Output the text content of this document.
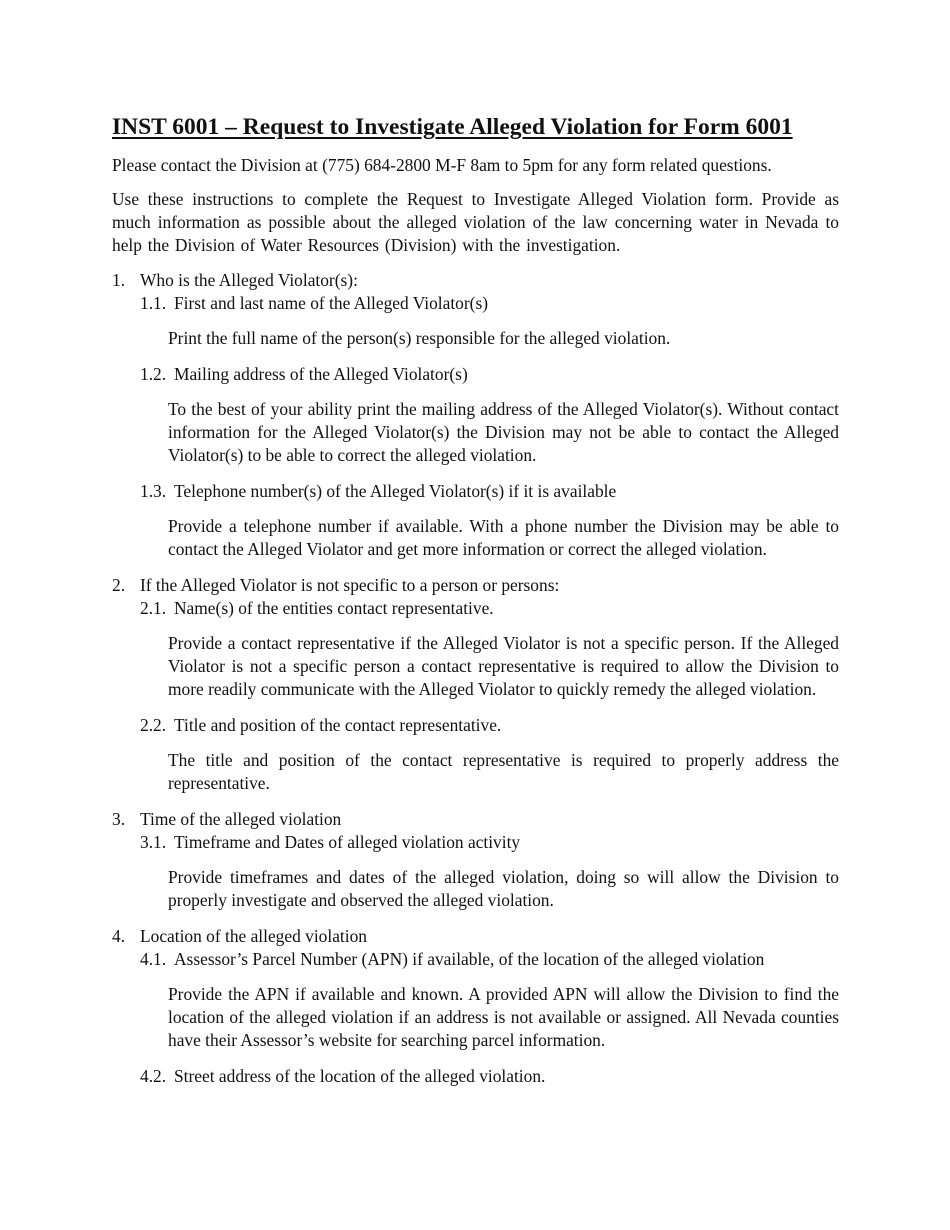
INST 6001 – Request to Investigate Alleged Violation for Form 6001
Please contact the Division at (775) 684-2800 M-F 8am to 5pm for any form related questions.
Use these instructions to complete the Request to Investigate Alleged Violation form. Provide as much information as possible about the alleged violation of the law concerning water in Nevada to help the Division of Water Resources (Division) with the investigation.
1. Who is the Alleged Violator(s):
1.1. First and last name of the Alleged Violator(s)
Print the full name of the person(s) responsible for the alleged violation.
1.2. Mailing address of the Alleged Violator(s)
To the best of your ability print the mailing address of the Alleged Violator(s). Without contact information for the Alleged Violator(s) the Division may not be able to contact the Alleged Violator(s) to be able to correct the alleged violation.
1.3. Telephone number(s) of the Alleged Violator(s) if it is available
Provide a telephone number if available. With a phone number the Division may be able to contact the Alleged Violator and get more information or correct the alleged violation.
2. If the Alleged Violator is not specific to a person or persons:
2.1. Name(s) of the entities contact representative.
Provide a contact representative if the Alleged Violator is not a specific person. If the Alleged Violator is not a specific person a contact representative is required to allow the Division to more readily communicate with the Alleged Violator to quickly remedy the alleged violation.
2.2. Title and position of the contact representative.
The title and position of the contact representative is required to properly address the representative.
3. Time of the alleged violation
3.1. Timeframe and Dates of alleged violation activity
Provide timeframes and dates of the alleged violation, doing so will allow the Division to properly investigate and observed the alleged violation.
4. Location of the alleged violation
4.1. Assessor’s Parcel Number (APN) if available, of the location of the alleged violation
Provide the APN if available and known. A provided APN will allow the Division to find the location of the alleged violation if an address is not available or assigned. All Nevada counties have their Assessor’s website for searching parcel information.
4.2. Street address of the location of the alleged violation.
